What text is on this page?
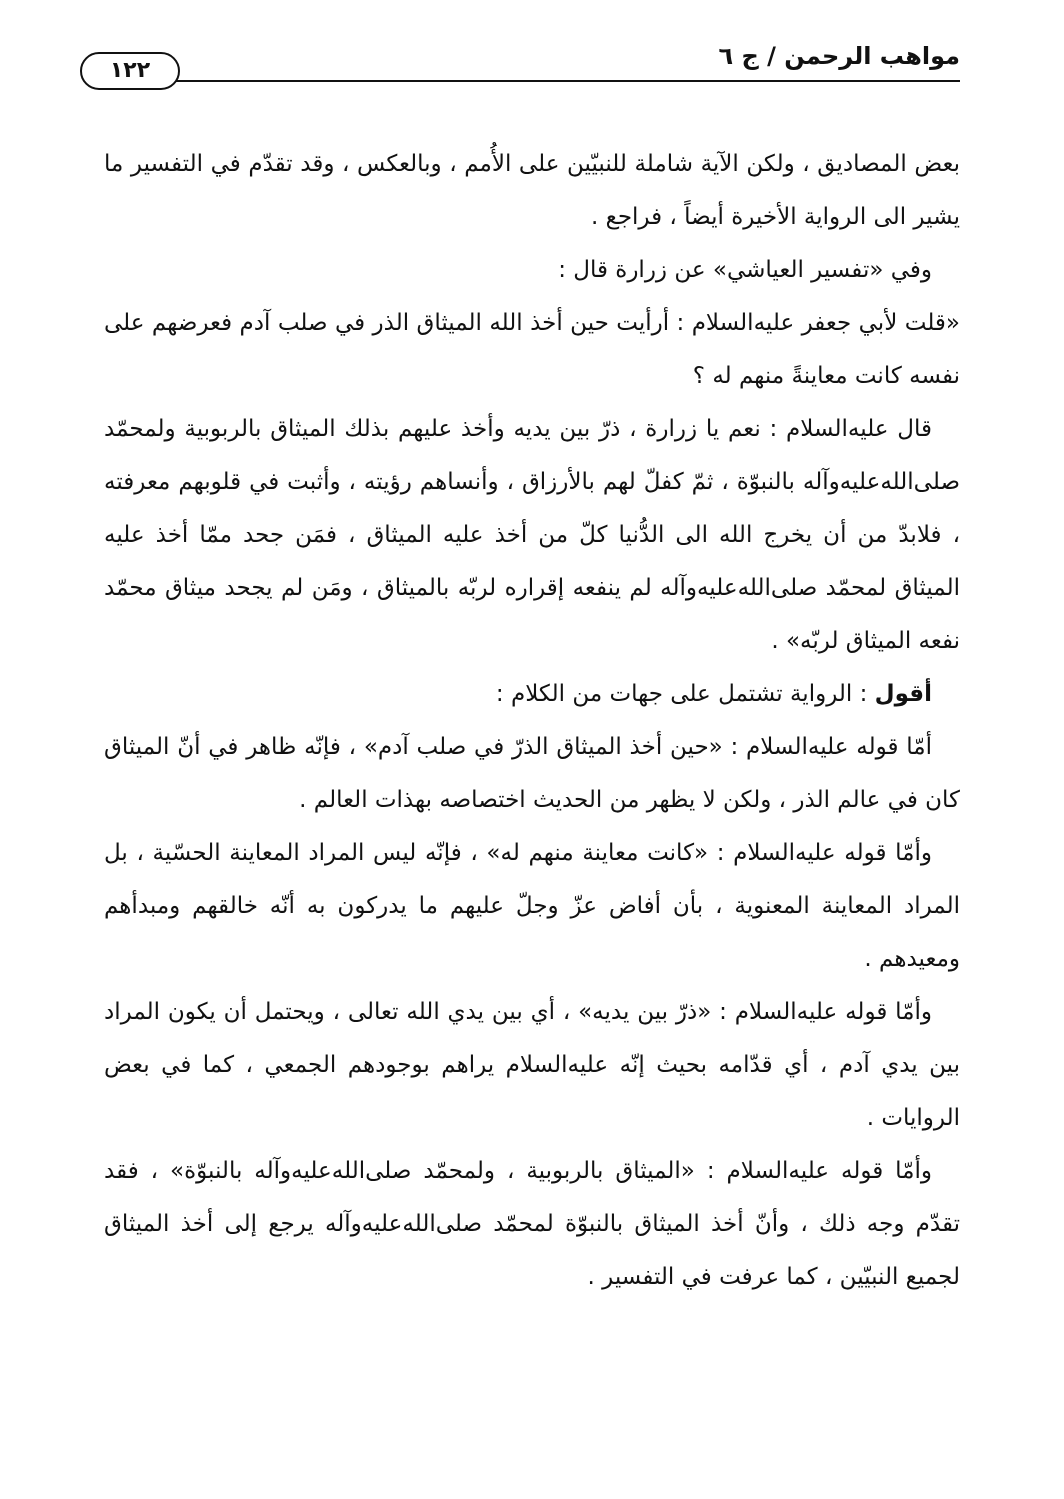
مواهب الرحمن / ج ٦
١٢٢

بعض المصاديق ، ولكن الآية شاملة للنبيّين على الأُمم ، وبالعكس ، وقد تقدّم في التفسير ما يشير الى الرواية الأخيرة أيضاً ، فراجع .

وفي «تفسير العياشي» عن زرارة قال :

«قلت لأبي جعفر عليه‌السلام : أرأيت حين أخذ الله الميثاق الذر في صلب آدم فعرضهم على نفسه كانت معاينةً منهم له ؟

قال عليه‌السلام : نعم يا زرارة ، ذرّ بين يديه وأخذ عليهم بذلك الميثاق بالربوبية ولمحمّد صلى‌الله‌عليه‌وآله بالنبوّة ، ثمّ كفلّ لهم بالأرزاق ، وأنساهم رؤيته ، وأثبت في قلوبهم معرفته ، فلابدّ من أن يخرج الله الى الدُّنيا كلّ من أخذ عليه الميثاق ، فمَن جحد ممّا أخذ عليه الميثاق لمحمّد صلى‌الله‌عليه‌وآله لم ينفعه إقراره لربّه بالميثاق ، ومَن لم يجحد ميثاق محمّد نفعه الميثاق لربّه» .

أقول : الرواية تشتمل على جهات من الكلام :

أمّا قوله عليه‌السلام : «حين أخذ الميثاق الذرّ في صلب آدم» ، فإنّه ظاهر في أنّ الميثاق كان في عالم الذر ، ولكن لا يظهر من الحديث اختصاصه بهذات العالم .

وأمّا قوله عليه‌السلام : «كانت معاينة منهم له» ، فإنّه ليس المراد المعاينة الحسّية ، بل المراد المعاينة المعنوية ، بأن أفاض عزّ وجلّ عليهم ما يدركون به أنّه خالقهم ومبدأهم ومعيدهم .

وأمّا قوله عليه‌السلام : «ذرّ بين يديه» ، أي بين يدي الله تعالى ، ويحتمل أن يكون المراد بين يدي آدم ، أي قدّامه بحيث إنّه عليه‌السلام يراهم بوجودهم الجمعي ، كما في بعض الروايات .

وأمّا قوله عليه‌السلام : «الميثاق بالربوبية ، ولمحمّد صلى‌الله‌عليه‌وآله بالنبوّة» ، فقد تقدّم وجه ذلك ، وأنّ أخذ الميثاق بالنبوّة لمحمّد صلى‌الله‌عليه‌وآله يرجع إلى أخذ الميثاق لجميع النبيّين ، كما عرفت في التفسير .
